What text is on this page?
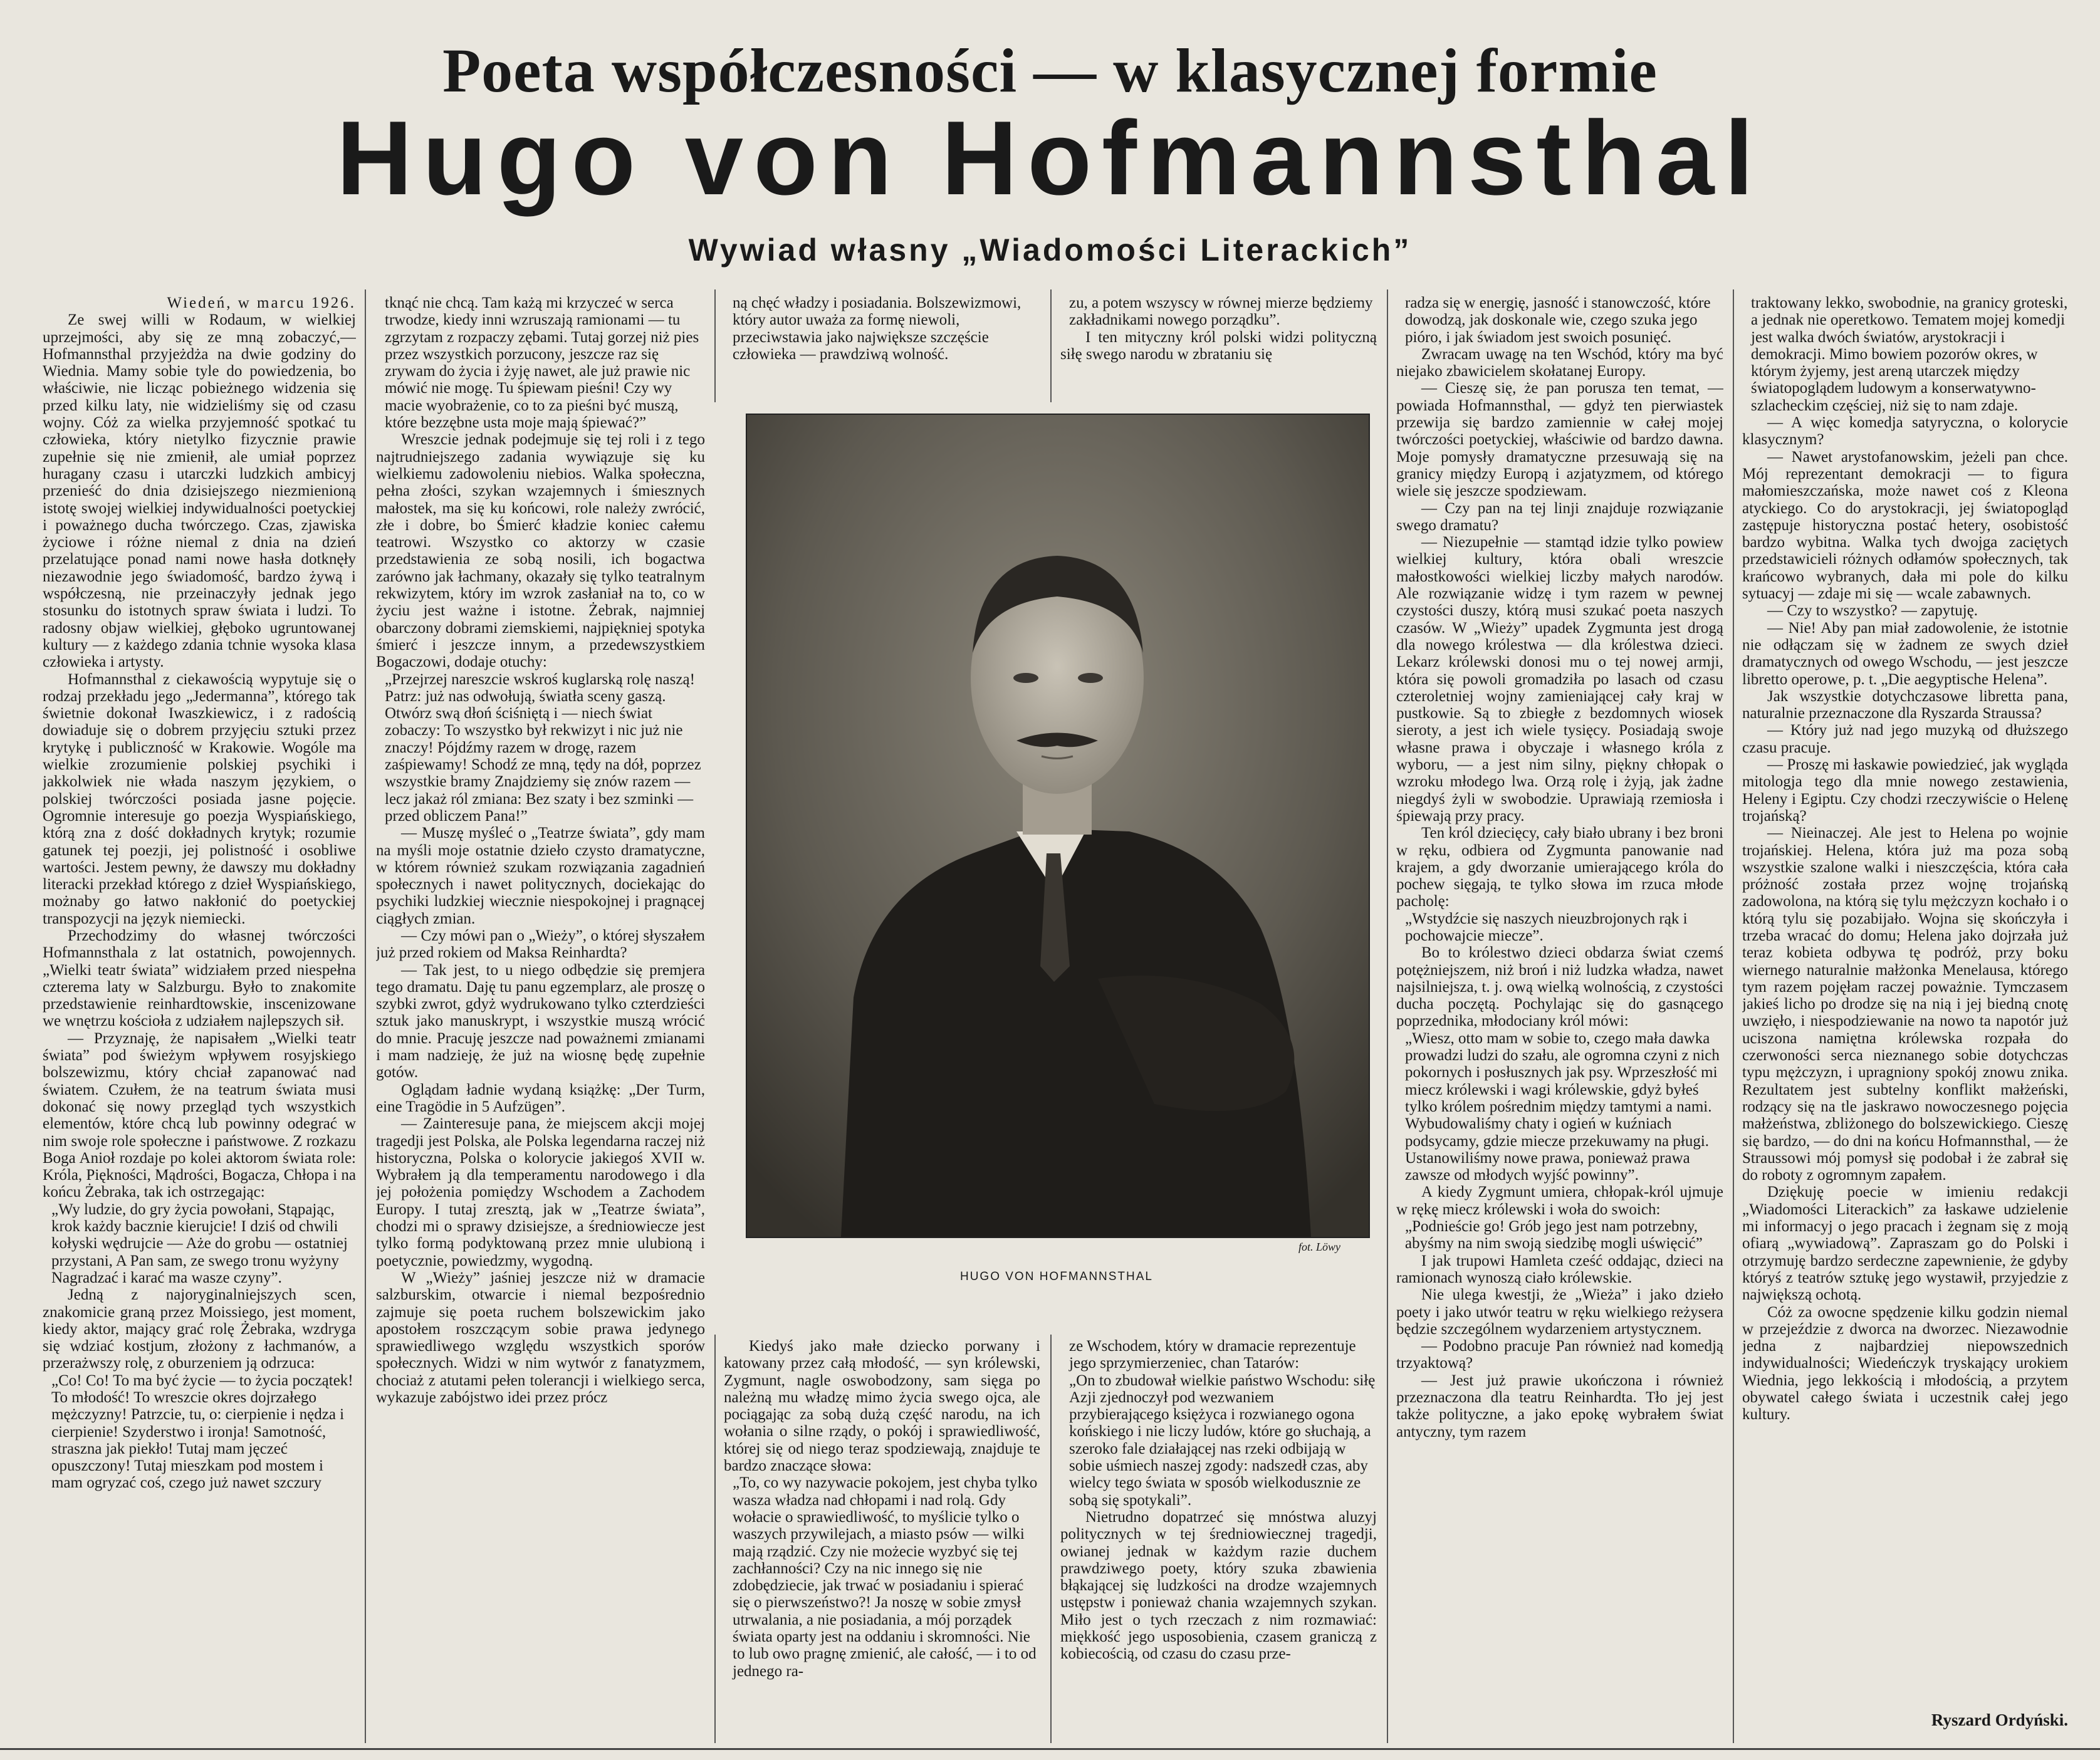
Poeta współczesności — w klasycznej formie
Hugo von Hofmannsthal
Wywiad własny „Wiadomości Literackich”

Wiedeń, w marcu 1926.

Ze swej willi w Rodaum, w wielkiej uprzejmości, aby się ze mną zobaczyć,— Hofmannsthal przyjeżdża na dwie godziny do Wiednia. Mamy sobie tyle do powiedzenia, bo właściwie, nie licząc pobieżnego widzenia się przed kilku laty, nie widzieliśmy się od czasu wojny. Cóż za wielka przyjemność spotkać tu człowieka, który nietylko fizycznie prawie zupełnie się nie zmienił, ale umiał poprzez huragany czasu i utarczki ludzkich ambicyj przenieść do dnia dzisiejszego niezmienioną istotę swojej wielkiej indywidualności poetyckiej i poważnego ducha twórczego. Czas, zjawiska życiowe i różne niemal z dnia na dzień przelatujące ponad nami nowe hasła dotknęły niezawodnie jego świadomość, bardzo żywą i współczesną, nie przeinaczyły jednak jego stosunku do istotnych spraw świata i ludzi. To radosny objaw wielkiej, głęboko ugruntowanej kultury — z każdego zdania tchnie wysoka klasa człowieka i artysty.

Hofmannsthal z ciekawością wypytuje się o rodzaj przekładu jego „Jedermanna”, którego tak świetnie dokonał Iwaszkiewicz, i z radością dowiaduje się o dobrem przyjęciu sztuki przez krytykę i publiczność w Krakowie. Wogóle ma wielkie zrozumienie polskiej psychiki i jakkolwiek nie włada naszym językiem, o polskiej twórczości posiada jasne pojęcie. Ogromnie interesuje go poezja Wyspiańskiego, którą zna z dość dokładnych krytyk; rozumie gatunek tej poezji, jej polistność i osobliwe wartości. Jestem pewny, że dawszy mu dokładny literacki przekład którego z dzieł Wyspiańskiego, możnaby go łatwo nakłonić do poetyckiej transpozycji na język niemiecki.

Przechodzimy do własnej twórczości Hofmannsthala z lat ostatnich, powojennych. „Wielki teatr świata” widziałem przed niespełna czterema laty w Salzburgu. Było to znakomite przedstawienie reinhardtowskie, inscenizowane we wnętrzu kościoła z udziałem najlepszych sił.

— Przyznaję, że napisałem „Wielki teatr świata” pod świeżym wpływem rosyjskiego bolszewizmu, który chciał zapanować nad światem. Czułem, że na teatrum świata musi dokonać się nowy przegląd tych wszystkich elementów, które chcą lub powinny odegrać w nim swoje role społeczne i państwowe. Z rozkazu Boga Anioł rozdaje po kolei aktorom świata role: Króla, Piękności, Mądrości, Bogacza, Chłopa i na końcu Żebraka, tak ich ostrzegając:

„Wy ludzie, do gry życia powołani, Stąpając, krok każdy bacznie kierujcie! I dziś od chwili kołyski wędrujcie — Aże do grobu — ostatniej przystani, A Pan sam, ze swego tronu wyżyny Nagradzać i karać ma wasze czyny”.

Jedną z najoryginalniejszych scen, znakomicie graną przez Moissiego, jest moment, kiedy aktor, mający grać rolę Żebraka, wzdryga się wdziać kostjum, złożony z łachmanów, a przerażwszy rolę, z oburzeniem ją odrzuca:

„Co! Co! To ma być życie — to życia początek! To młodość! To wreszcie okres dojrzałego mężczyzny! Patrzcie, tu, o: cierpienie i nędza i cierpienie! Szyderstwo i ironja! Samotność, straszna jak piekło! Tutaj mam jęczeć opuszczony! Tutaj mieszkam pod mostem i mam ogryzać coś, czego już nawet szczury

tknąć nie chcą. Tam każą mi krzyczeć w serca trwodze, kiedy inni wzruszają ramionami — tu zgrzytam z rozpaczy zębami. Tutaj gorzej niż pies przez wszystkich porzucony, jeszcze raz się zrywam do życia i żyję nawet, ale już prawie nic mówić nie mogę. Tu śpiewam pieśni! Czy wy macie wyobrażenie, co to za pieśni być muszą, które bezzębne usta moje mają śpiewać?”

Wreszcie jednak podejmuje się tej roli i z tego najtrudniejszego zadania wywiązuje się ku wielkiemu zadowoleniu niebios. Walka społeczna, pełna złości, szykan wzajemnych i śmiesznych małostek, ma się ku końcowi, role należy zwrócić, złe i dobre, bo Śmierć kładzie koniec całemu teatrowi. Wszystko co aktorzy w czasie przedstawienia ze sobą nosili, ich bogactwa zarówno jak łachmany, okazały się tylko teatralnym rekwizytem, który im wzrok zasłaniał na to, co w życiu jest ważne i istotne. Żebrak, najmniej obarczony dobrami ziemskiemi, najpiękniej spotyka śmierć i jeszcze innym, a przedewszystkiem Bogaczowi, dodaje otuchy:

„Przejrzej nareszcie wskroś kuglarską rolę naszą! Patrz: już nas odwołują, światła sceny gaszą. Otwórz swą dłoń ściśniętą i — niech świat zobaczy: To wszystko był rekwizyt i nic już nie znaczy! Pójdźmy razem w drogę, razem zaśpiewamy! Schodź ze mną, tędy na dół, poprzez wszystkie bramy Znajdziemy się znów razem — lecz jakaż ról zmiana: Bez szaty i bez szminki — przed obliczem Pana!”

— Muszę myśleć o „Teatrze świata”, gdy mam na myśli moje ostatnie dzieło czysto dramatyczne, w którem również szukam rozwiązania zagadnień społecznych i nawet politycznych, dociekając do psychiki ludzkiej wiecznie niespokojnej i pragnącej ciągłych zmian.

— Czy mówi pan o „Wieży”, o której słyszałem już przed rokiem od Maksa Reinhardta?

— Tak jest, to u niego odbędzie się premjera tego dramatu. Daję tu panu egzemplarz, ale proszę o szybki zwrot, gdyż wydrukowano tylko czterdzieści sztuk jako manuskrypt, i wszystkie muszą wrócić do mnie. Pracuję jeszcze nad poważnemi zmianami i mam nadzieję, że już na wiosnę będę zupełnie gotów.

Oglądam ładnie wydaną książkę: „Der Turm, eine Tragödie in 5 Aufzügen”.

— Zainteresuje pana, że miejscem akcji mojej tragedji jest Polska, ale Polska legendarna raczej niż historyczna, Polska o kolorycie jakiegoś XVII w. Wybrałem ją dla temperamentu narodowego i dla jej położenia pomiędzy Wschodem a Zachodem Europy. I tutaj zresztą, jak w „Teatrze świata”, chodzi mi o sprawy dzisiejsze, a średniowiecze jest tylko formą podyktowaną przez mnie ulubioną i poetycznie, powiedzmy, wygodną.

W „Wieży” jaśniej jeszcze niż w dramacie salzburskim, otwarcie i niemal bezpośrednio zajmuje się poeta ruchem bolszewickim jako apostołem roszczącym sobie prawa jedynego sprawiedliwego względu wszystkich sporów społecznych. Widzi w nim wytwór z fanatyzmem, chociaż z atutami pełen tolerancji i wielkiego serca, wykazuje zabójstwo idei przez prócz

ną chęć władzy i posiadania. Bolszewizmowi, który autor uważa za formę niewoli, przeciwstawia jako największe szczęście człowieka — prawdziwą wolność.

zu, a potem wszyscy w równej mierze będziemy zakładnikami nowego porządku”.

I ten mityczny król polski widzi polityczną siłę swego narodu w zbrataniu się

radza się w energię, jasność i stanowczość, które dowodzą, jak doskonale wie, czego szuka jego pióro, i jak świadom jest swoich posunięć.

Zwracam uwagę na ten Wschód, który ma być niejako zbawicielem skołatanej Europy.

— Cieszę się, że pan porusza ten temat, — powiada Hofmannsthal, — gdyż ten pierwiastek przewija się bardzo zamiennie w całej mojej twórczości poetyckiej, właściwie od bardzo dawna. Moje pomysły dramatyczne przesuwają się na granicy między Europą i azjatyzmem, od którego wiele się jeszcze spodziewam.

— Czy pan na tej linji znajduje rozwiązanie swego dramatu?

— Niezupełnie — stamtąd idzie tylko powiew wielkiej kultury, która obali wreszcie małostkowości wielkiej liczby małych narodów. Ale rozwiązanie widzę i tym razem w pewnej czystości duszy, którą musi szukać poeta naszych czasów. W „Wieży” upadek Zygmunta jest drogą dla nowego królestwa — dla królestwa dzieci. Lekarz królewski donosi mu o tej nowej armji, która się powoli gromadziła po lasach od czasu czteroletniej wojny zamieniającej cały kraj w pustkowie. Są to zbiegłe z bezdomnych wiosek sieroty, a jest ich wiele tysięcy. Posiadają swoje własne prawa i obyczaje i własnego króla z wyboru, — a jest nim silny, piękny chłopak o wzroku młodego lwa. Orzą rolę i żyją, jak żadne niegdyś żyli w swobodzie. Uprawiają rzemiosła i śpiewają przy pracy.

Ten król dziecięcy, cały biało ubrany i bez broni w ręku, odbiera od Zygmunta panowanie nad krajem, a gdy dworzanie umierającego króla do pochew sięgają, te tylko słowa im rzuca młode pacholę:

„Wstydźcie się naszych nieuzbrojonych rąk i pochowajcie miecze”.

Bo to królestwo dzieci obdarza świat czemś potężniejszem, niż broń i niż ludzka władza, nawet najsilniejsza, t. j. ową wielką wolnością, z czystości ducha poczętą. Pochylając się do gasnącego poprzednika, młodociany król mówi:

„Wiesz, otto mam w sobie to, czego mała dawka prowadzi ludzi do szału, ale ogromna czyni z nich pokornych i posłusznych jak psy. Wprzeszłość mi miecz królewski i wagi królewskie, gdyż byłeś tylko królem pośrednim między tamtymi a nami. Wybudowaliśmy chaty i ogień w kuźniach podsycamy, gdzie miecze przekuwamy na pługi. Ustanowiliśmy nowe prawa, ponieważ prawa zawsze od młodych wyjść powinny”.

A kiedy Zygmunt umiera, chłopak-król ujmuje w rękę miecz królewski i woła do swoich:

„Podnieście go! Grób jego jest nam potrzebny, abyśmy na nim swoją siedzibę mogli uświęcić”

I jak trupowi Hamleta cześć oddając, dzieci na ramionach wynoszą ciało królewskie.

Nie ulega kwestji, że „Wieża” i jako dzieło poety i jako utwór teatru w ręku wielkiego reżysera będzie szczególnem wydarzeniem artystycznem.

— Podobno pracuje Pan również nad komedją trzyaktową?

— Jest już prawie ukończona i również przeznaczona dla teatru Reinhardta. Tło jej jest także polityczne, a jako epokę wybrałem świat antyczny, tym razem

traktowany lekko, swobodnie, na granicy groteski, a jednak nie operetkowo. Tematem mojej komedji jest walka dwóch światów, arystokracji i demokracji. Mimo bowiem pozorów okres, w którym żyjemy, jest areną utarczek między światopoglądem ludowym a konserwatywno-szlacheckim częściej, niż się to nam zdaje.

— A więc komedja satyryczna, o kolorycie klasycznym?

— Nawet arystofanowskim, jeżeli pan chce. Mój reprezentant demokracji — to figura małomieszczańska, może nawet coś z Kleona atyckiego. Co do arystokracji, jej światopogląd zastępuje historyczna postać hetery, osobistość bardzo wybitna. Walka tych dwojga zaciętych przedstawicieli różnych odłamów społecznych, tak krańcowo wybranych, dała mi pole do kilku sytuacyj — zdaje mi się — wcale zabawnych.

— Czy to wszystko? — zapytuję.

— Nie! Aby pan miał zadowolenie, że istotnie nie odłączam się w żadnem ze swych dzieł dramatycznych od owego Wschodu, — jest jeszcze libretto operowe, p. t. „Die aegyptische Helena”.

Jak wszystkie dotychczasowe libretta pana, naturalnie przeznaczone dla Ryszarda Straussa?

— Który już nad jego muzyką od dłuższego czasu pracuje.

— Proszę mi łaskawie powiedzieć, jak wygląda mitologja tego dla mnie nowego zestawienia, Heleny i Egiptu. Czy chodzi rzeczywiście o Helenę trojańską?

— Nieinaczej. Ale jest to Helena po wojnie trojańskiej. Helena, która już ma poza sobą wszystkie szalone walki i nieszczęścia, która cała próżność została przez wojnę trojańską zadowolona, na którą się tylu mężczyzn kochało i o którą tylu się pozabijało. Wojna się skończyła i trzeba wracać do domu; Helena jako dojrzała już teraz kobieta odbywa tę podróż, przy boku wiernego naturalnie małżonka Menelausa, którego tym razem pojęłam raczej poważnie. Tymczasem jakieś licho po drodze się na nią i jej biedną cnotę uwzięło, i niespodziewanie na nowo ta napotór już uciszona namiętna królewska rozpała do czerwoności serca nieznanego sobie dotychczas typu mężczyzn, i upragniony spokój znowu znika. Rezultatem jest subtelny konflikt małżeński, rodzący się na tle jaskrawo nowoczesnego pojęcia małżeństwa, zbliżonego do bolszewickiego. Cieszę się bardzo, — do dni na końcu Hofmannsthal, — że Straussowi mój pomysł się podobał i że zabrał się do roboty z ogromnym zapałem.

Dziękuję poecie w imieniu redakcji „Wiadomości Literackich” za łaskawe udzielenie mi informacyj o jego pracach i żegnam się z moją ofiarą „wywiadową”. Zapraszam go do Polski i otrzymuję bardzo serdeczne zapewnienie, że gdyby któryś z teatrów sztukę jego wystawił, przyjedzie z największą ochotą.

Cóż za owocne spędzenie kilku godzin niemal w przejeździe z dworca na dworzec. Niezawodnie jedna z najbardziej niepowszednich indywidualności; Wiedeńczyk tryskający urokiem Wiednia, jego lekkością i młodością, a przytem obywatel całego świata i uczestnik całej jego kultury.

Kiedyś jako małe dziecko porwany i katowany przez całą młodość, — syn królewski, Zygmunt, nagle oswobodzony, sam sięga po należną mu władzę mimo życia swego ojca, ale pociągając za sobą dużą część narodu, na ich wołania o silne rządy, o pokój i sprawiedliwość, której się od niego teraz spodziewają, znajduje te bardzo znaczące słowa:

„To, co wy nazywacie pokojem, jest chyba tylko wasza władza nad chłopami i nad rolą. Gdy wołacie o sprawiedliwość, to myślicie tylko o waszych przywilejach, a miasto psów — wilki mają rządzić. Czy nie możecie wyzbyć się tej zachłanności? Czy na nic innego się nie zdobędziecie, jak trwać w posiadaniu i spierać się o pierwszeństwo?! Ja noszę w sobie zmysł utrwalania, a nie posiadania, a mój porządek świata oparty jest na oddaniu i skromności. Nie to lub owo pragnę zmienić, ale całość, — i to od jednego ra-

ze Wschodem, który w dramacie reprezentuje jego sprzymierzeniec, chan Tatarów:

„On to zbudował wielkie państwo Wschodu: siłę Azji zjednoczył pod wezwaniem przybierającego księżyca i rozwianego ogona końskiego i nie liczy ludów, które go słuchają, a szeroko fale działającej nas rzeki odbijają w sobie uśmiech naszej zgody: nadszedł czas, aby wielcy tego świata w sposób wielkodusznie ze sobą się spotykali”.

Nietrudno dopatrzeć się mnóstwa aluzyj politycznych w tej średniowiecznej tragedji, owianej jednak w każdym razie duchem prawdziwego poety, który szuka zbawienia błąkającej się ludzkości na drodze wzajemnych ustępstw i ponieważ chania wzajemnych szykan. Miło jest o tych rzeczach z nim rozmawiać: miękkość jego usposobienia, czasem graniczą z kobiecością, od czasu do czasu prze-

fot. Löwy
HUGO VON HOFMANNSTHAL
Ryszard Ordyński.
